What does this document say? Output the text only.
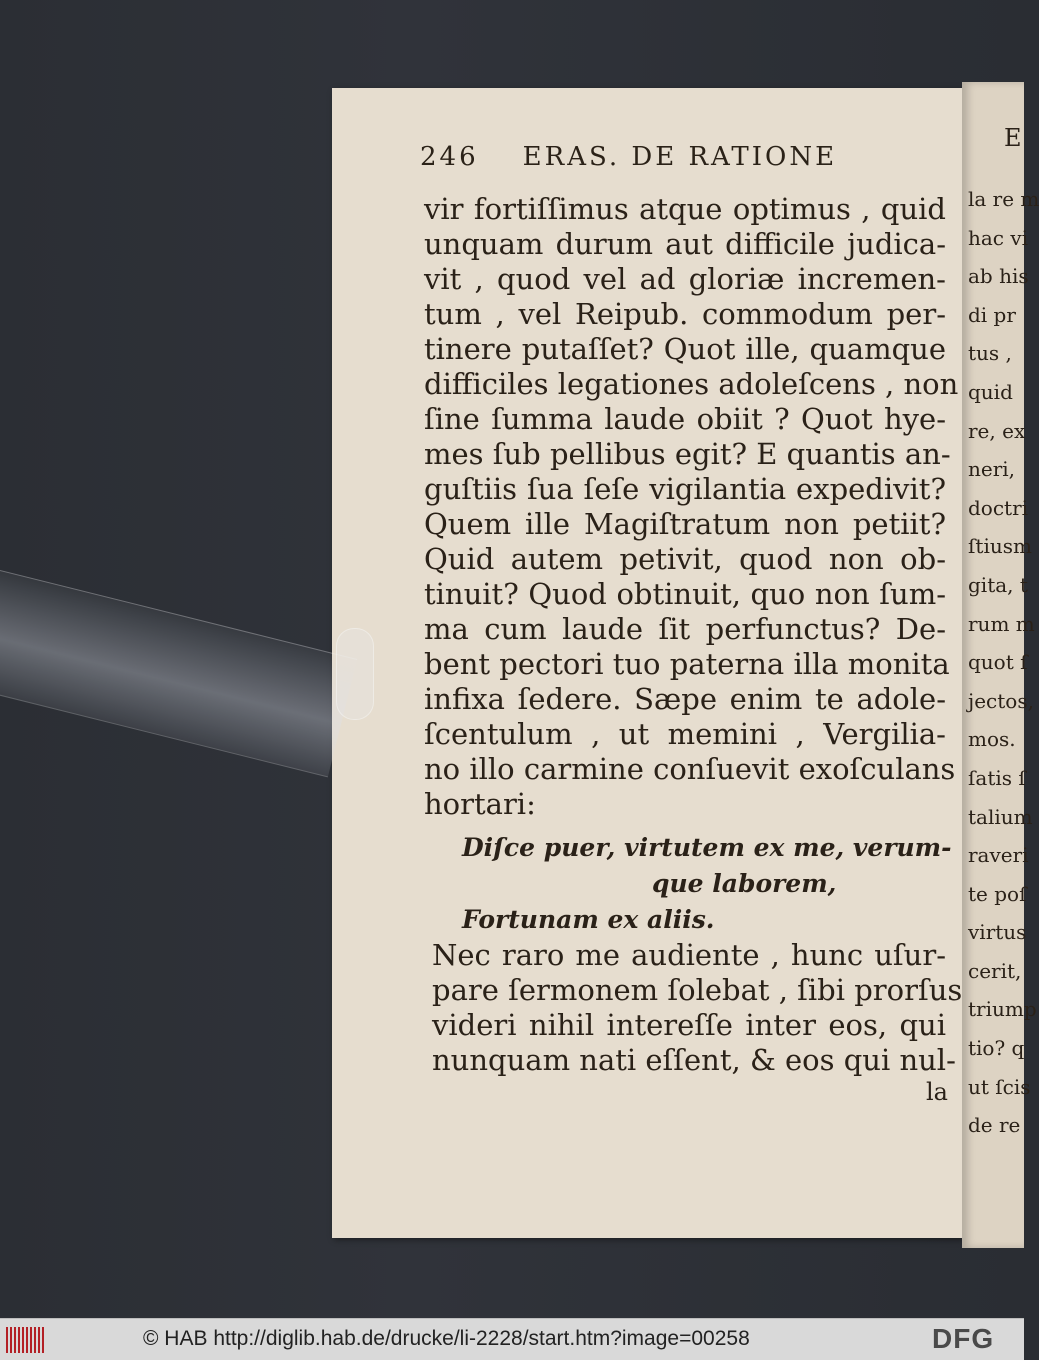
246 ERAS. DE RATIONE
vir fortiſſimus atque optimus , quid
unquam durum aut difficile judica-
vit , quod vel ad gloriæ incremen-
tum , vel Reipub. commodum per-
tinere putaſſet? Quot ille, quamque
difficiles legationes adoleſcens , non
ſine ſumma laude obiit ? Quot hye-
mes ſub pellibus egit? E quantis an-
guſtiis ſua ſeſe vigilantia expedivit?
Quem ille Magiſtratum non petiit?
Quid autem petivit, quod non ob-
tinuit? Quod obtinuit, quo non ſum-
ma cum laude ſit perfunctus? De-
bent pectori tuo paterna illa monita
infixa ſedere. Sæpe enim te adole-
ſcentulum , ut memini , Vergilia-
no illo carmine conſuevit exoſculans
hortari:
Diſce puer, virtutem ex me, verum-
que laborem,
Fortunam ex aliis.
Nec raro me audiente , hunc uſur-
pare ſermonem ſolebat , ſibi prorſus
videri nihil intereſſe inter eos, qui
nunquam nati eſſent, & eos qui nul-
la
E
la re m
hac vi
ab his
di pr
tus ,
quid
re, ex
neri,
doctri
ſtiusm
gita, t
rum m
quot ſ
jectos,
mos.
ſatis ſ
talium
raveri
te poſ
virtus
cerit,
triump
tio? q
ut ſcis
de re
© HAB http://diglib.hab.de/drucke/li-2228/start.htm?image=00258	DFG
